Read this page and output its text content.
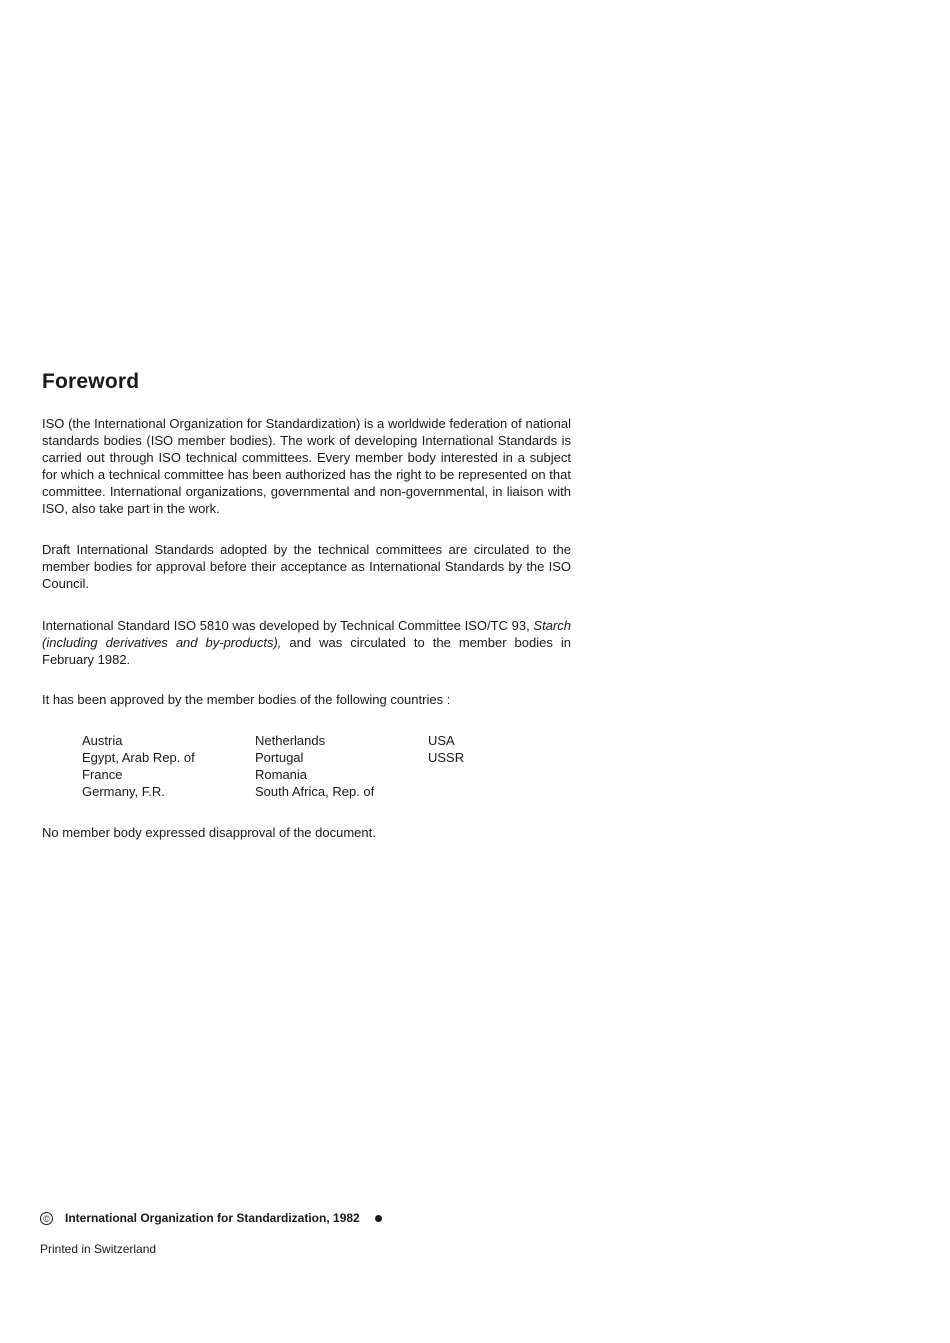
Foreword

ISO (the International Organization for Standardization) is a worldwide federation of national standards bodies (ISO member bodies). The work of developing International Standards is carried out through ISO technical committees. Every member body interested in a subject for which a technical committee has been authorized has the right to be represented on that committee. International organizations, governmental and non-governmental, in liaison with ISO, also take part in the work.

Draft International Standards adopted by the technical committees are circulated to the member bodies for approval before their acceptance as International Standards by the ISO Council.

International Standard ISO 5810 was developed by Technical Committee ISO/TC 93, Starch (including derivatives and by-products), and was circulated to the member bodies in February 1982.

It has been approved by the member bodies of the following countries :

Austria
Egypt, Arab Rep. of
France
Germany, F.R.
Netherlands
Portugal
Romania
South Africa, Rep. of
USA
USSR

No member body expressed disapproval of the document.

© International Organization for Standardization, 1982
Printed in Switzerland
